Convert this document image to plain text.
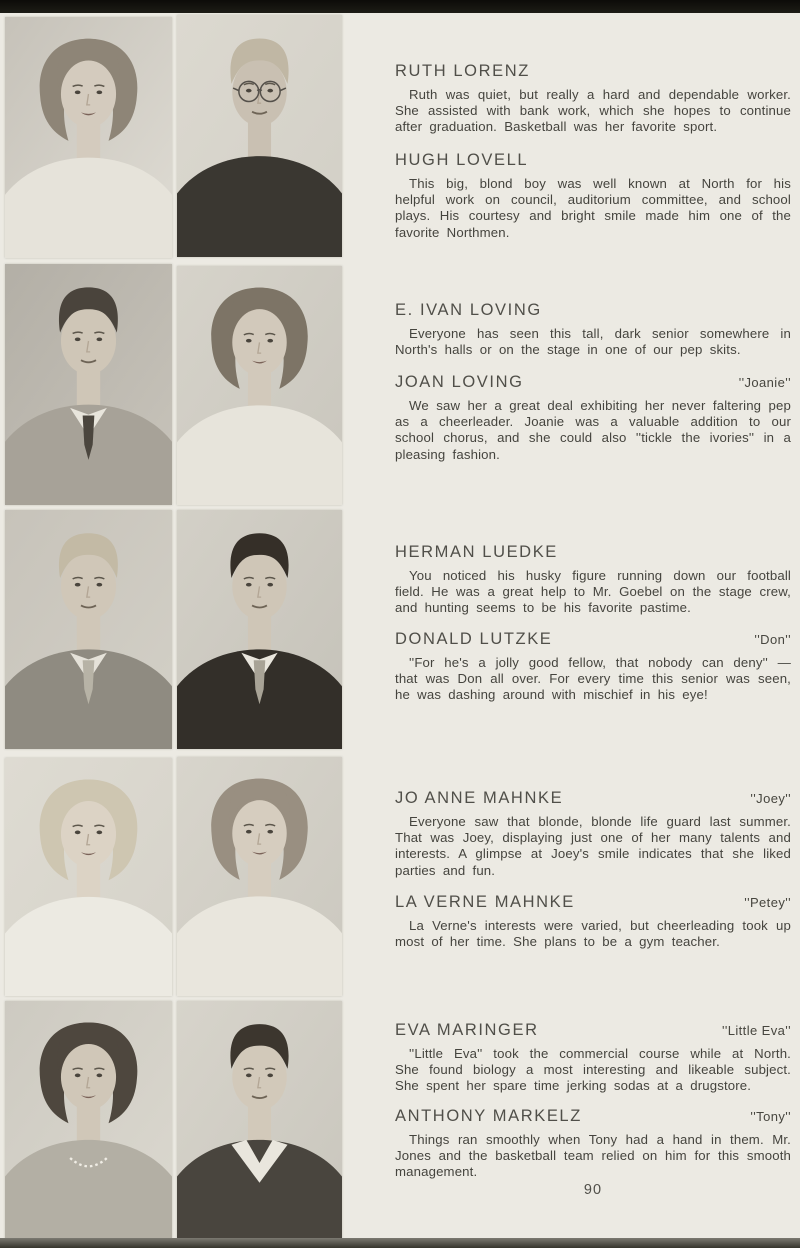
RUTH LORENZ

Ruth was quiet, but really a hard and dependable worker. She assisted with bank work, which she hopes to continue after graduation. Basketball was her favorite sport.

HUGH LOVELL

This big, blond boy was well known at North for his helpful work on council, auditorium committee, and school plays. His courtesy and bright smile made him one of the favorite Northmen.

E. IVAN LOVING

Everyone has seen this tall, dark senior somewhere in North's halls or on the stage in one of our pep skits.

JOAN LOVING	''Joanie''

We saw her a great deal exhibiting her never faltering pep as a cheerleader. Joanie was a valuable addition to our school chorus, and she could also ''tickle the ivories'' in a pleasing fashion.

HERMAN LUEDKE

You noticed his husky figure running down our football field. He was a great help to Mr. Goebel on the stage crew, and hunting seems to be his favorite pastime.

DONALD LUTZKE	''Don''

''For he's a jolly good fellow, that nobody can deny'' — that was Don all over. For every time this senior was seen, he was dashing around with mischief in his eye!

JO ANNE MAHNKE	''Joey''

Everyone saw that blonde, blonde life guard last summer. That was Joey, displaying just one of her many talents and interests. A glimpse at Joey's smile indicates that she liked parties and fun.

LA VERNE MAHNKE	''Petey''

La Verne's interests were varied, but cheerleading took up most of her time. She plans to be a gym teacher.

EVA MARINGER	''Little Eva''

''Little Eva'' took the commercial course while at North. She found biology a most interesting and likeable subject. She spent her spare time jerking sodas at a drugstore.

ANTHONY MARKELZ	''Tony''

Things ran smoothly when Tony had a hand in them. Mr. Jones and the basketball team relied on him for this smooth management.

90
